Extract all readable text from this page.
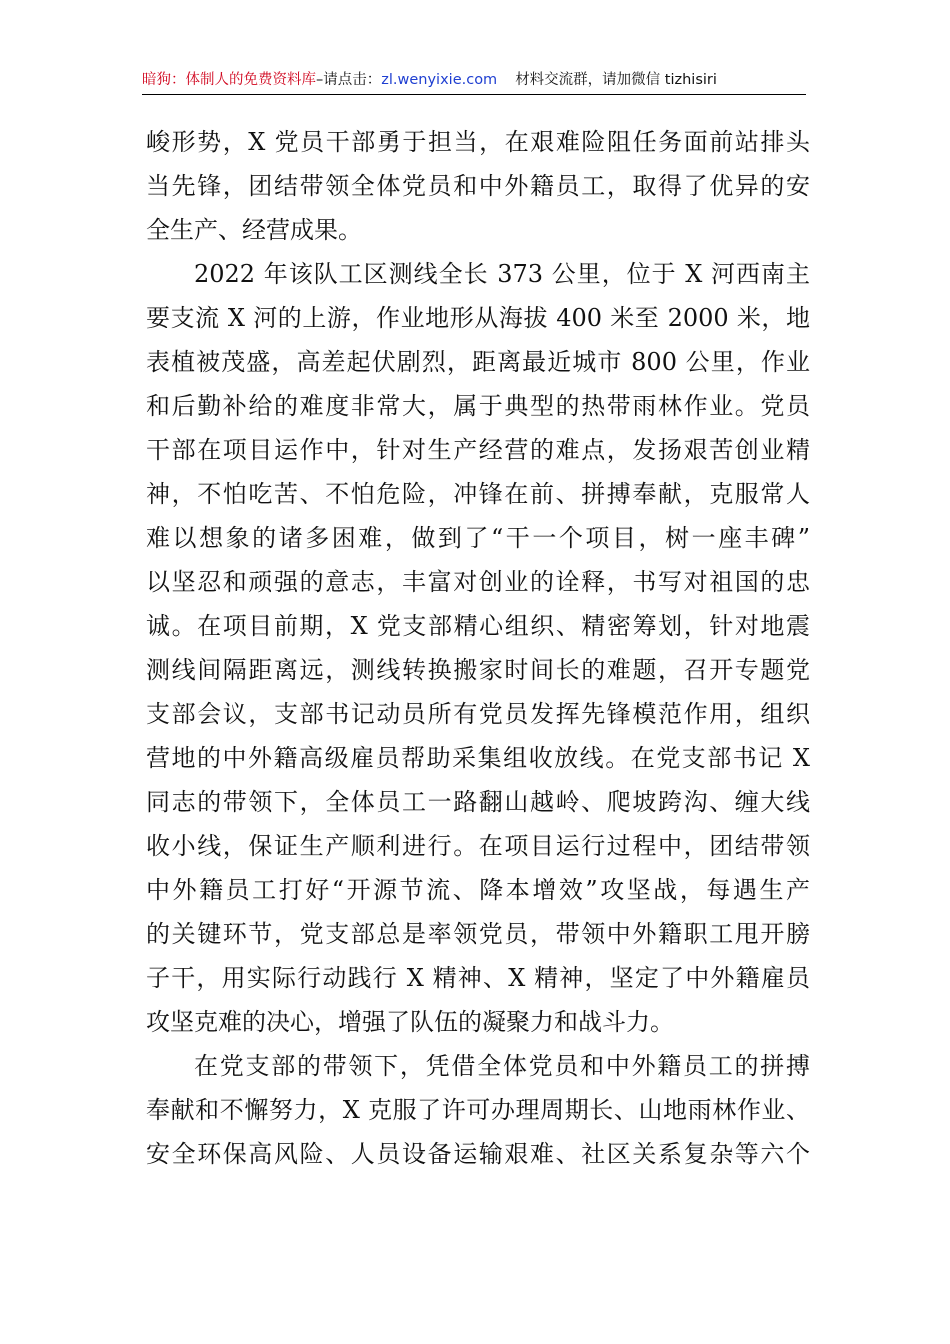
暗狗：体制人的免费资料库–请点击：zl.wenyixie.com 材料交流群，请加微信 tizhisiri
峻形势，X 党员干部勇于担当，在艰难险阻任务面前站排头
当先锋，团结带领全体党员和中外籍员工，取得了优异的安
全生产、经营成果。
2022 年该队工区测线全长 373 公里，位于 X 河西南主
要支流 X 河的上游，作业地形从海拔 400 米至 2000 米，地
表植被茂盛，高差起伏剧烈，距离最近城市 800 公里，作业
和后勤补给的难度非常大，属于典型的热带雨林作业。党员
干部在项目运作中，针对生产经营的难点，发扬艰苦创业精
神，不怕吃苦、不怕危险，冲锋在前、拼搏奉献，克服常人
难以想象的诸多困难，做到了“干一个项目，树一座丰碑”
以坚忍和顽强的意志，丰富对创业的诠释，书写对祖国的忠
诚。在项目前期，X 党支部精心组织、精密筹划，针对地震
测线间隔距离远，测线转换搬家时间长的难题，召开专题党
支部会议，支部书记动员所有党员发挥先锋模范作用，组织
营地的中外籍高级雇员帮助采集组收放线。在党支部书记 X
同志的带领下，全体员工一路翻山越岭、爬坡跨沟、缠大线
收小线，保证生产顺利进行。在项目运行过程中，团结带领
中外籍员工打好“开源节流、降本增效”攻坚战，每遇生产
的关键环节，党支部总是率领党员，带领中外籍职工甩开膀
子干，用实际行动践行 X 精神、X 精神，坚定了中外籍雇员
攻坚克难的决心，增强了队伍的凝聚力和战斗力。
在党支部的带领下，凭借全体党员和中外籍员工的拼搏
奉献和不懈努力，X 克服了许可办理周期长、山地雨林作业、
安全环保高风险、人员设备运输艰难、社区关系复杂等六个
